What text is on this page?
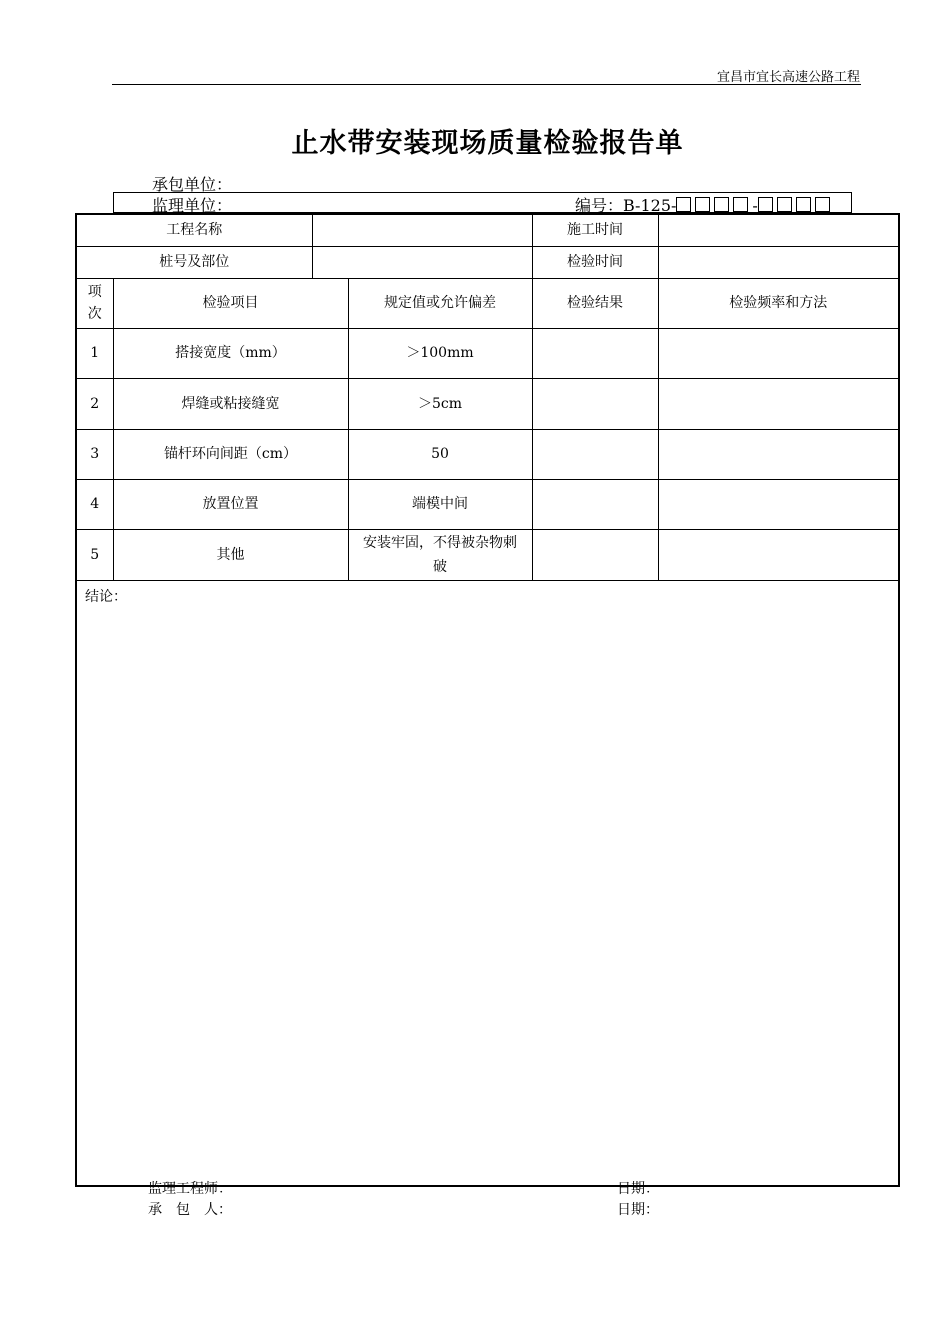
宜昌市宜长高速公路工程
止水带安装现场质量检验报告单
承包单位：
监理单位：	编号：B-125-	-
工程名称				施工时间	
桩号及部位				检验时间	
项次	检验项目		规定值或允许偏差	检验结果	检验频率和方法
1	搭接宽度（mm）		＞100mm		
2	焊缝或粘接缝宽		＞5cm		
3	锚杆环向间距（cm）		50		
4	放置位置		端模中间		
5	其他		安装牢固，不得被杂物刺破		
结论：					
监理工程师：	日期：
承　包　人：	日期：
